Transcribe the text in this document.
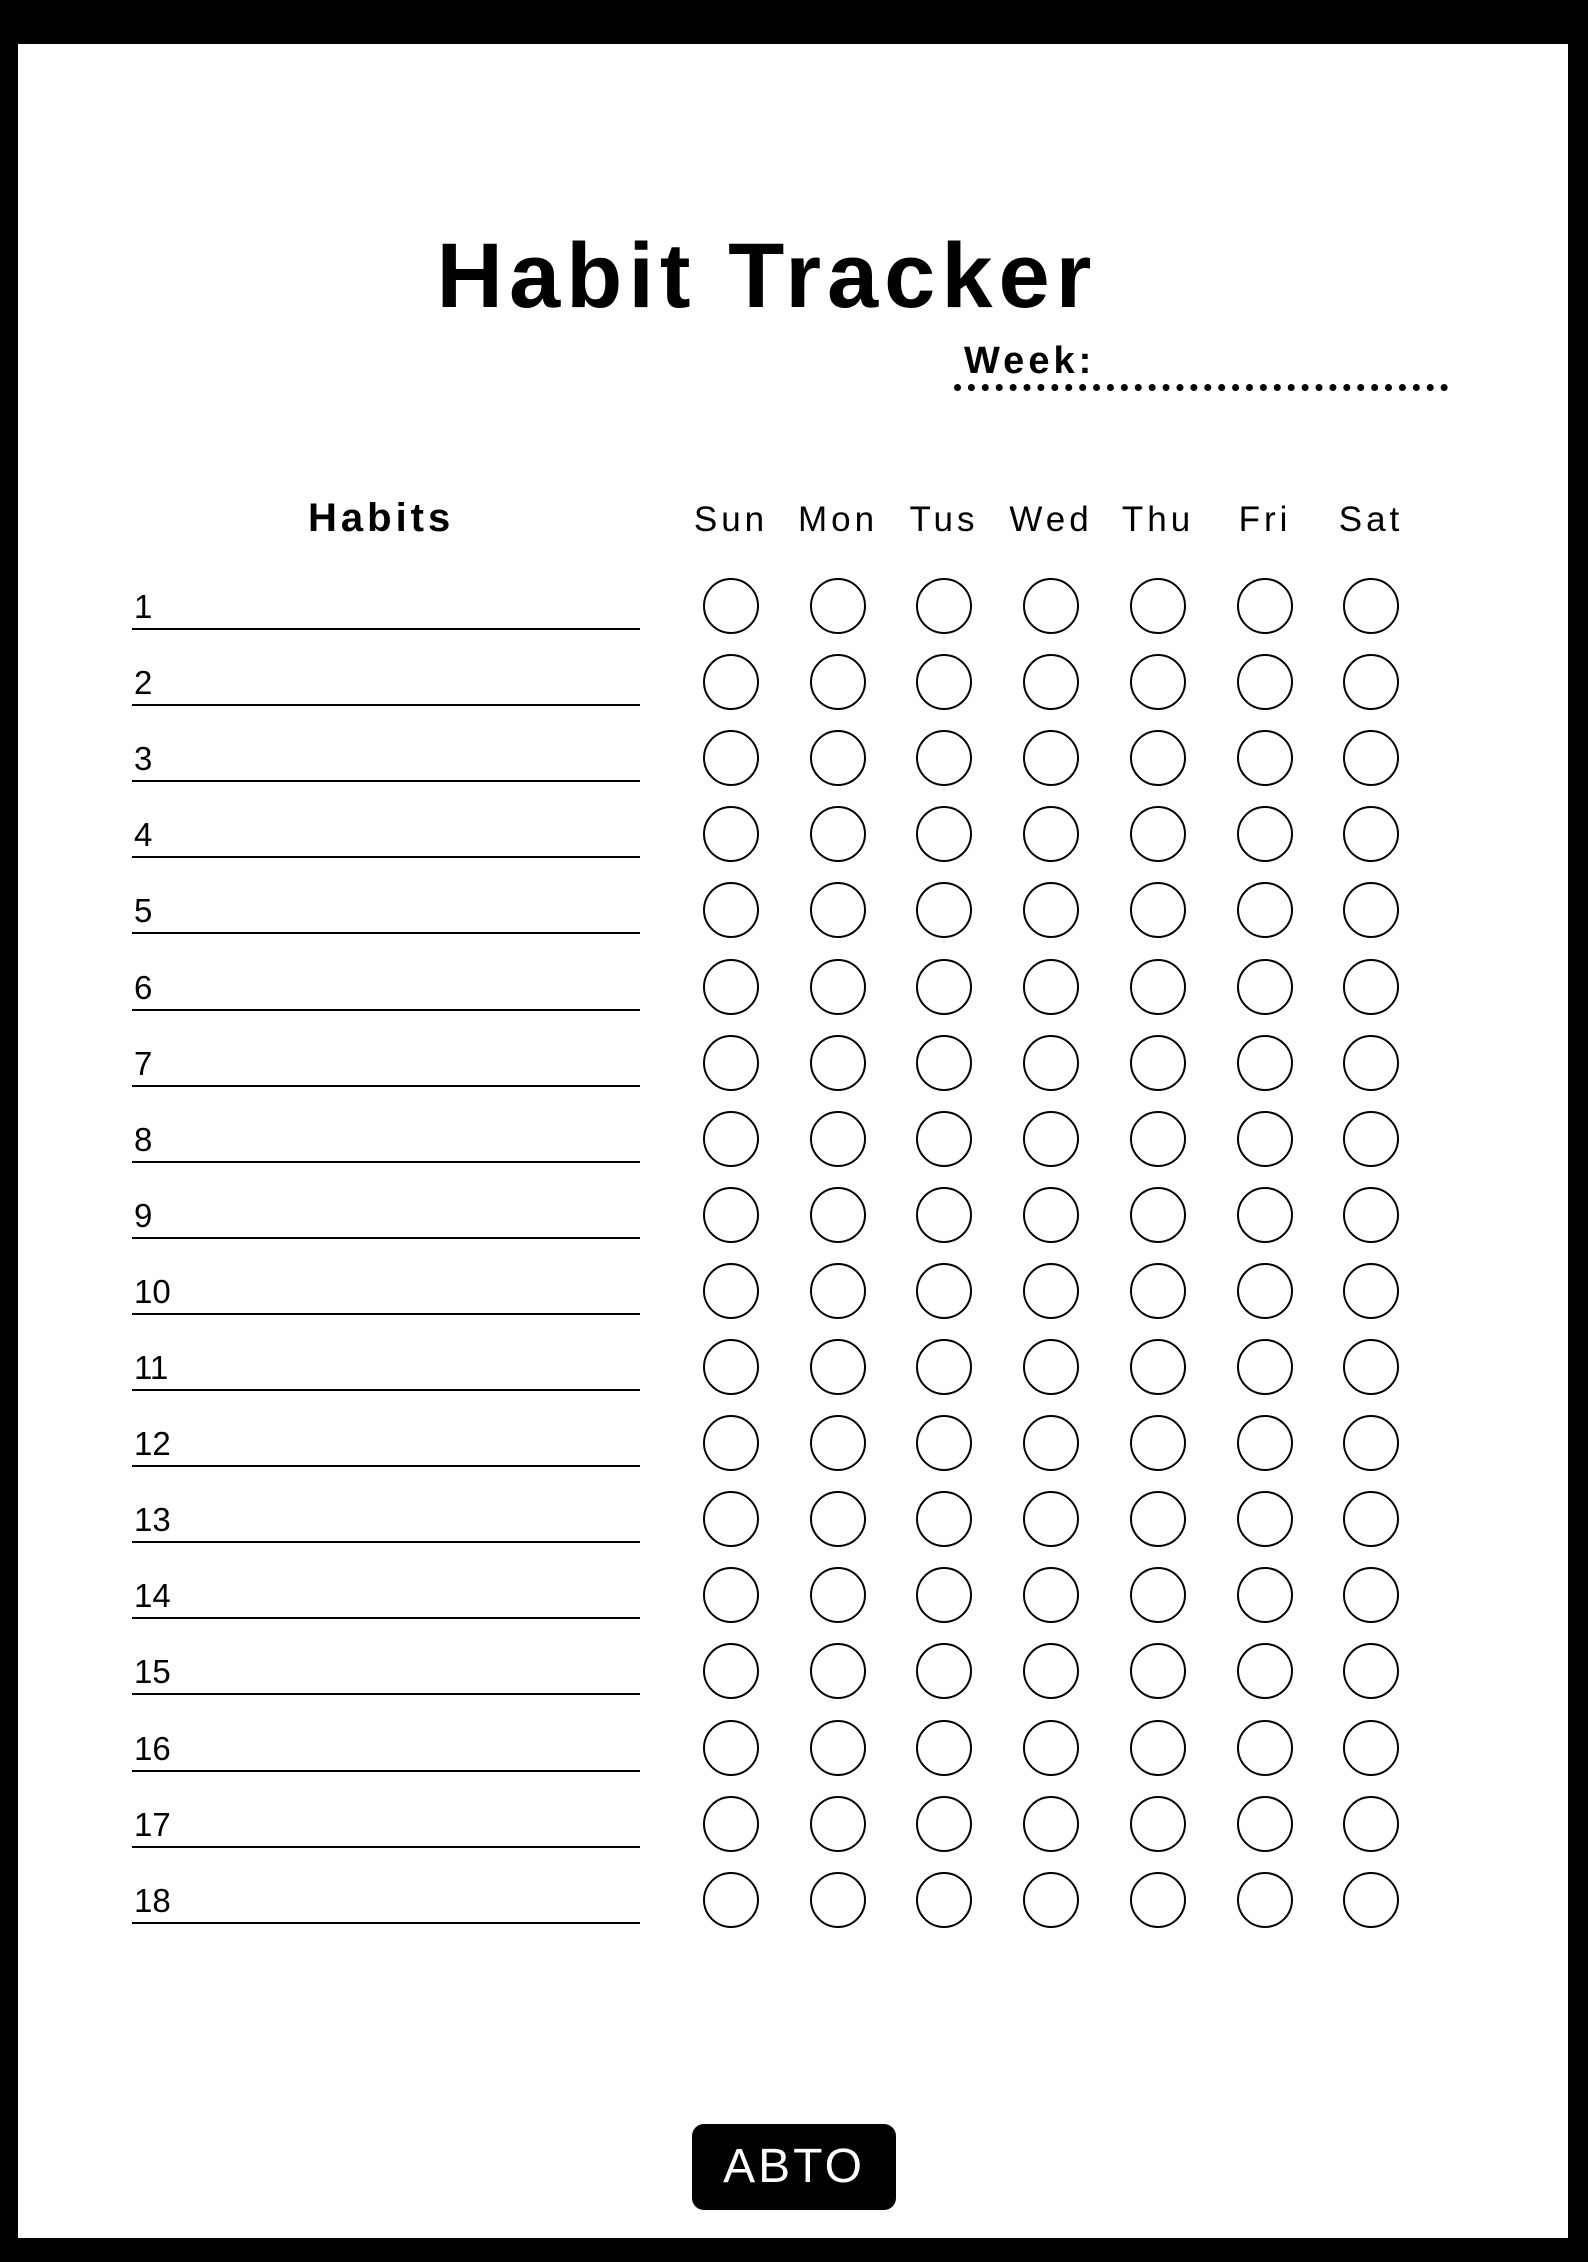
Habit Tracker
Week:
Habits	Sun Mon Tus Wed Thu	Fri	Sat
1
2
3
4
5
6
7
8
9
10
11
12
13
14
15
16
17
18
ABTO
